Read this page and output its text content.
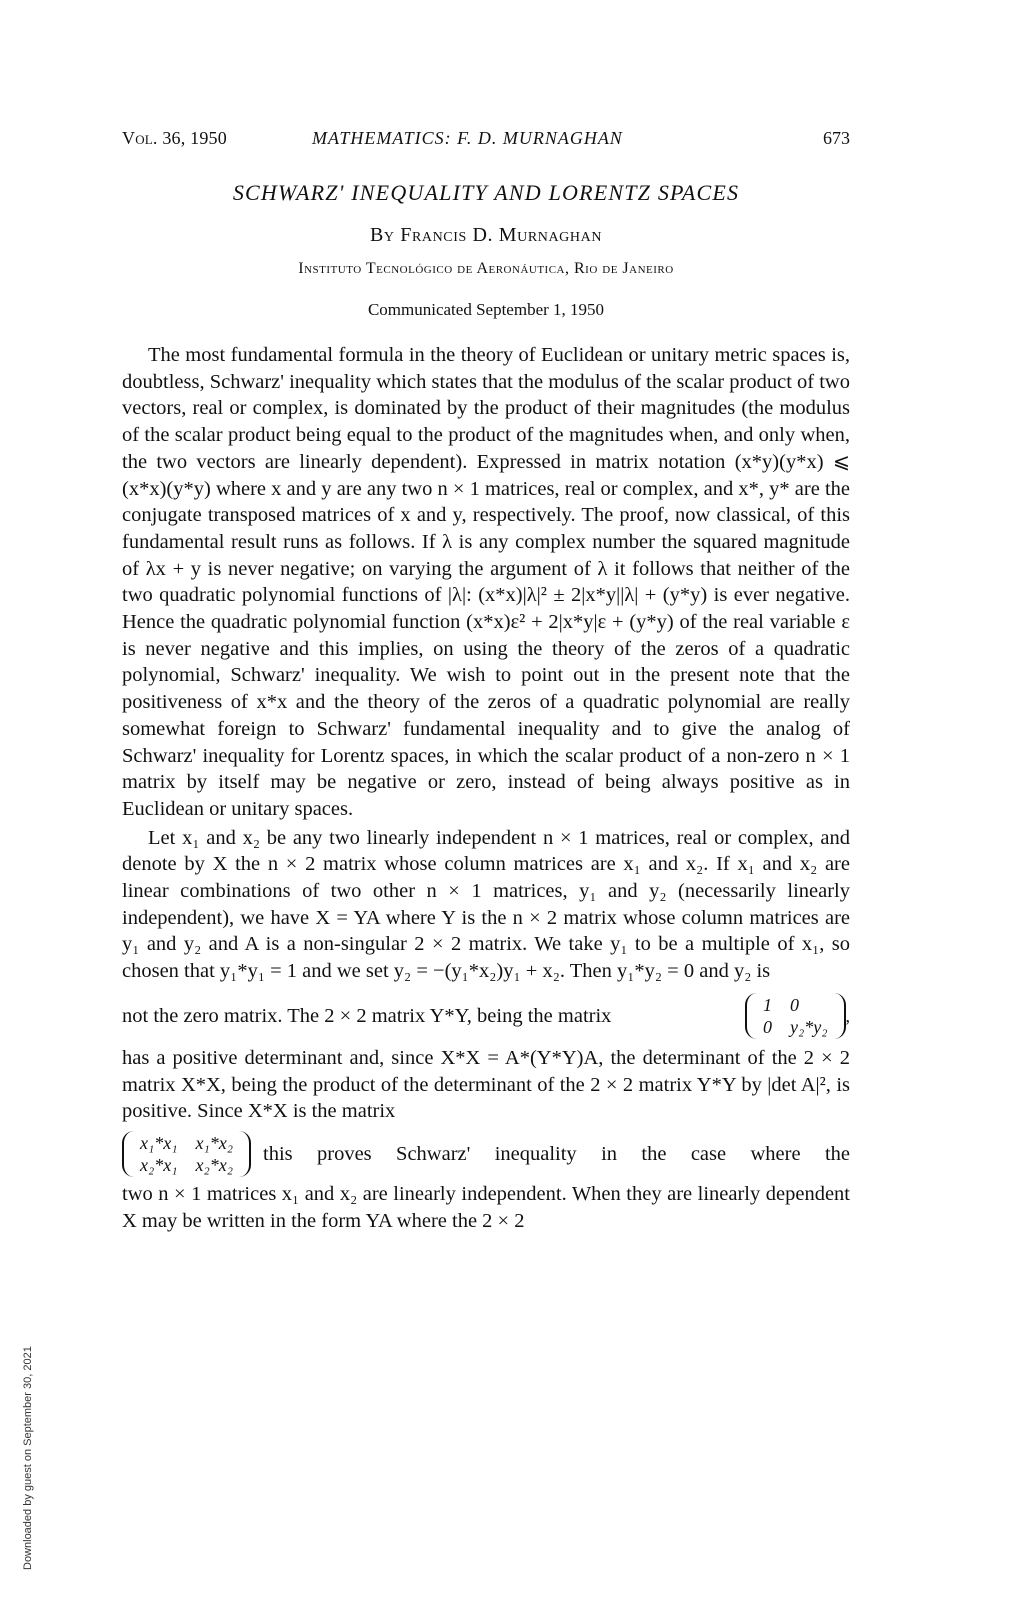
Vol. 36, 1950	MATHEMATICS: F. D. MURNAGHAN	673
SCHWARZ' INEQUALITY AND LORENTZ SPACES
By Francis D. Murnaghan
Instituto Tecnológico de Aeronáutica, Rio de Janeiro
Communicated September 1, 1950

The most fundamental formula in the theory of Euclidean or unitary metric spaces is, doubtless, Schwarz' inequality which states that the modulus of the scalar product of two vectors, real or complex, is dominated by the product of their magnitudes (the modulus of the scalar product being equal to the product of the magnitudes when, and only when, the two vectors are linearly dependent). Expressed in matrix notation (x*y)(y*x) ⩽ (x*x)(y*y) where x and y are any two n × 1 matrices, real or complex, and x*, y* are the conjugate transposed matrices of x and y, respectively. The proof, now classical, of this fundamental result runs as follows. If λ is any complex number the squared magnitude of λx + y is never negative; on varying the argument of λ it follows that neither of the two quadratic polynomial functions of |λ|: (x*x)|λ|² ± 2|x*y||λ| + (y*y) is ever negative. Hence the quadratic polynomial function (x*x)ε² + 2|x*y|ε + (y*y) of the real variable ε is never negative and this implies, on using the theory of the zeros of a quadratic polynomial, Schwarz' inequality. We wish to point out in the present note that the positiveness of x*x and the theory of the zeros of a quadratic polynomial are really somewhat foreign to Schwarz' fundamental inequality and to give the analog of Schwarz' inequality for Lorentz spaces, in which the scalar product of a non-zero n × 1 matrix by itself may be negative or zero, instead of being always positive as in Euclidean or unitary spaces.

Let x₁ and x₂ be any two linearly independent n × 1 matrices, real or complex, and denote by X the n × 2 matrix whose column matrices are x₁ and x₂. If x₁ and x₂ are linear combinations of two other n × 1 matrices, y₁ and y₂ (necessarily linearly independent), we have X = YA where Y is the n × 2 matrix whose column matrices are y₁ and y₂ and A is a non-singular 2 × 2 matrix. We take y₁ to be a multiple of x₁, so chosen that y₁*y₁ = 1 and we set y₂ = −(y₁*x₂)y₁ + x₂. Then y₁*y₂ = 0 and y₂ is

not the zero matrix. The 2 × 2 matrix Y*Y, being the matrix	1 0
0 y₂*y₂
,

has a positive determinant and, since X*X = A*(Y*Y)A, the determinant of the 2 × 2 matrix X*X, being the product of the determinant of the 2 × 2 matrix Y*Y by |det A|², is positive. Since X*X is the matrix

x₁*x₁ x₁*x₂
x₂*x₁ x₂*x₂
this proves Schwarz' inequality in the case where the

two n × 1 matrices x₁ and x₂ are linearly independent. When they are linearly dependent X may be written in the form YA where the 2 × 2

Downloaded by guest on September 30, 2021
